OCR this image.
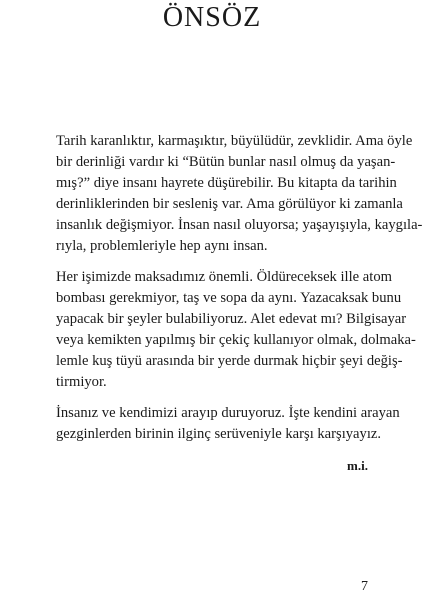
ÖNSÖZ

Tarih karanlıktır, karmaşıktır, büyülüdür, zevklidir. Ama öyle
bir derinliği vardır ki “Bütün bunlar nasıl olmuş da yaşan-
mış?” diye insanı hayrete düşürebilir. Bu kitapta da tarihin
derinliklerinden bir sesleniş var. Ama görülüyor ki zamanla
insanlık değişmiyor. İnsan nasıl oluyorsa; yaşayışıyla, kaygıla-
rıyla, problemleriyle hep aynı insan.

Her işimizde maksadımız önemli. Öldüreceksek ille atom
bombası gerekmiyor, taş ve sopa da aynı. Yazacaksak bunu
yapacak bir şeyler bulabiliyoruz. Alet edevat mı? Bilgisayar
veya kemikten yapılmış bir çekiç kullanıyor olmak, dolmaka-
lemle kuş tüyü arasında bir yerde durmak hiçbir şeyi değiş-
tirmiyor.

İnsanız ve kendimizi arayıp duruyoruz. İşte kendini arayan
gezginlerden birinin ilginç serüveniyle karşı karşıyayız.

m.i.

7
